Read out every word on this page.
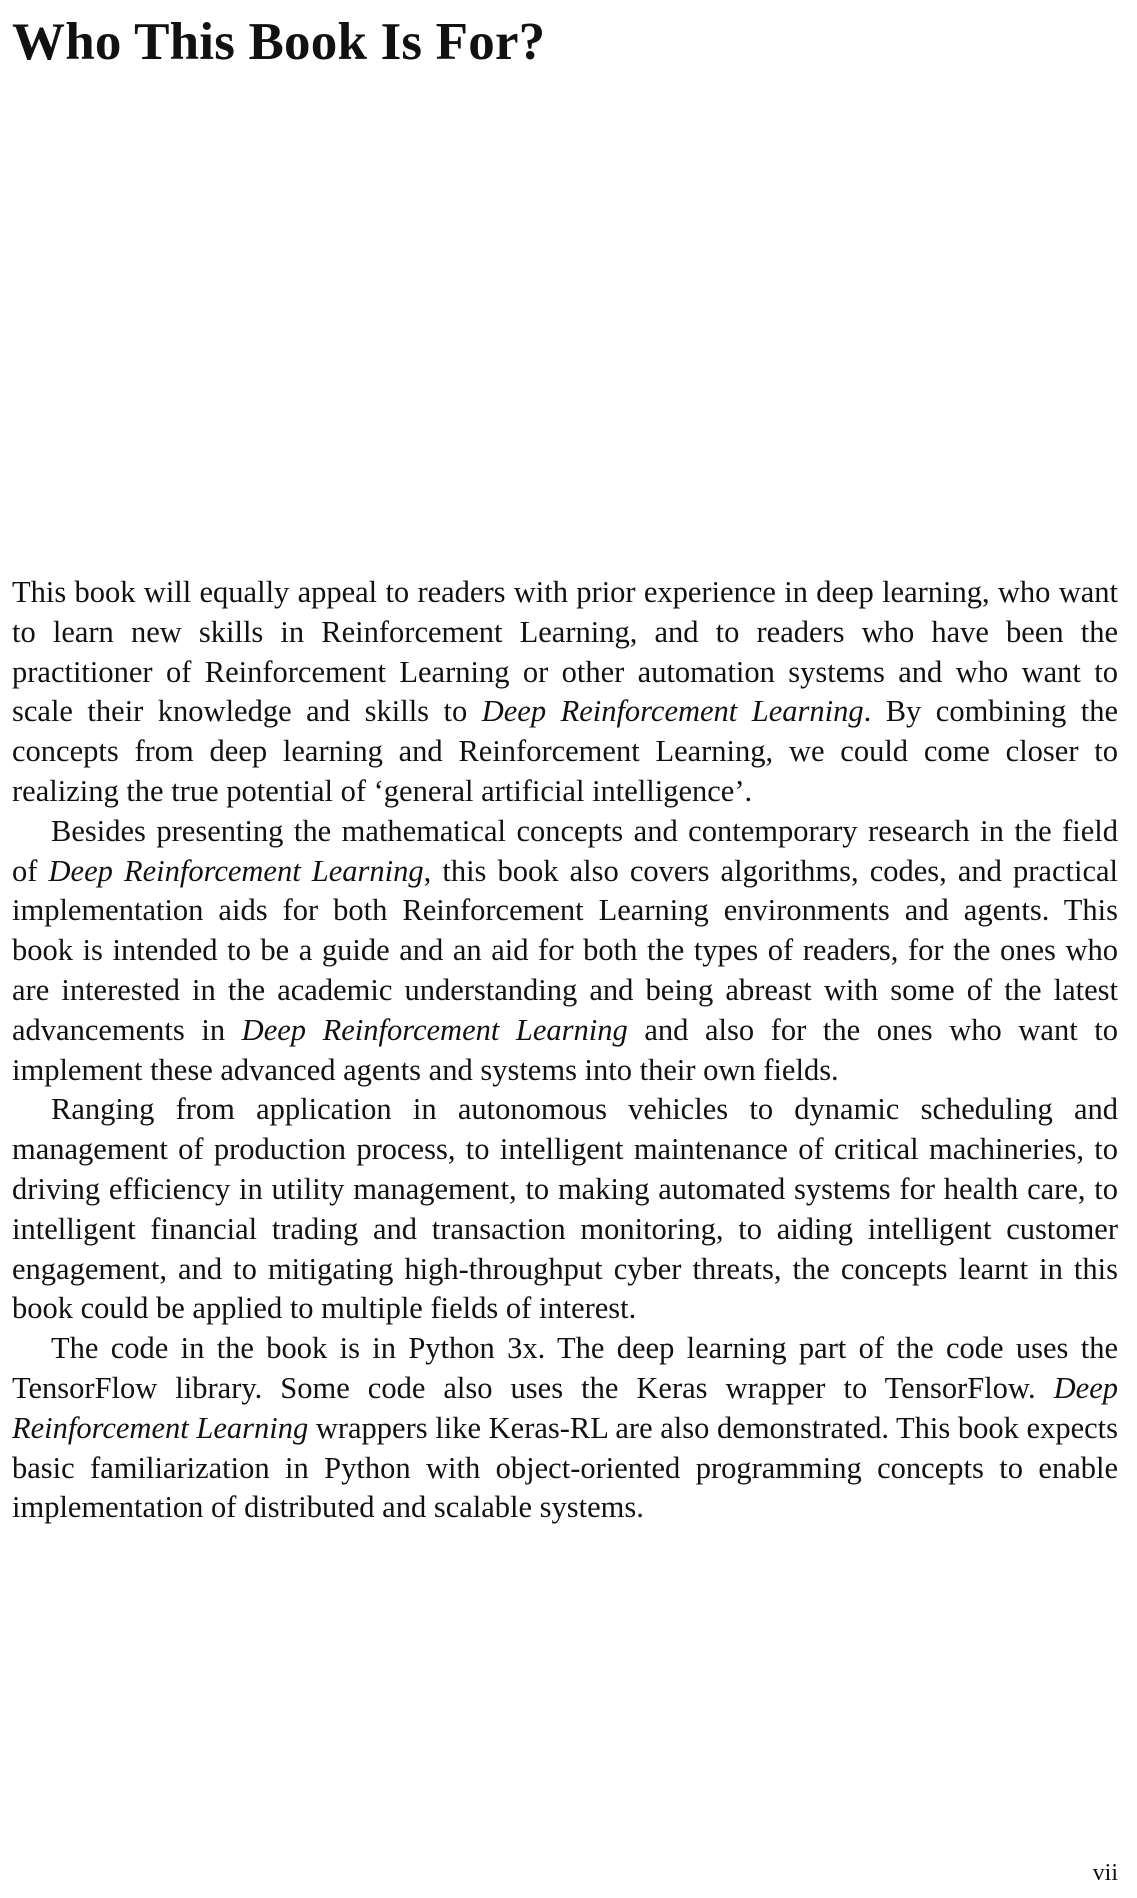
Who This Book Is For?

This book will equally appeal to readers with prior experience in deep learning, who want to learn new skills in Reinforcement Learning, and to readers who have been the practitioner of Reinforcement Learning or other automation systems and who want to scale their knowledge and skills to Deep Reinforcement Learning. By combining the concepts from deep learning and Reinforcement Learning, we could come closer to realizing the true potential of ‘general artificial intelligence’.

Besides presenting the mathematical concepts and contemporary research in the field of Deep Reinforcement Learning, this book also covers algorithms, codes, and practical implementation aids for both Reinforcement Learning environments and agents. This book is intended to be a guide and an aid for both the types of readers, for the ones who are interested in the academic understanding and being abreast with some of the latest advancements in Deep Reinforcement Learning and also for the ones who want to implement these advanced agents and systems into their own fields.

Ranging from application in autonomous vehicles to dynamic scheduling and management of production process, to intelligent maintenance of critical machineries, to driving efficiency in utility management, to making automated systems for health care, to intelligent financial trading and transaction monitoring, to aiding intelligent customer engagement, and to mitigating high-throughput cyber threats, the concepts learnt in this book could be applied to multiple fields of interest.

The code in the book is in Python 3x. The deep learning part of the code uses the TensorFlow library. Some code also uses the Keras wrapper to TensorFlow. Deep Reinforcement Learning wrappers like Keras-RL are also demonstrated. This book expects basic familiarization in Python with object-oriented programming concepts to enable implementation of distributed and scalable systems.

vii
